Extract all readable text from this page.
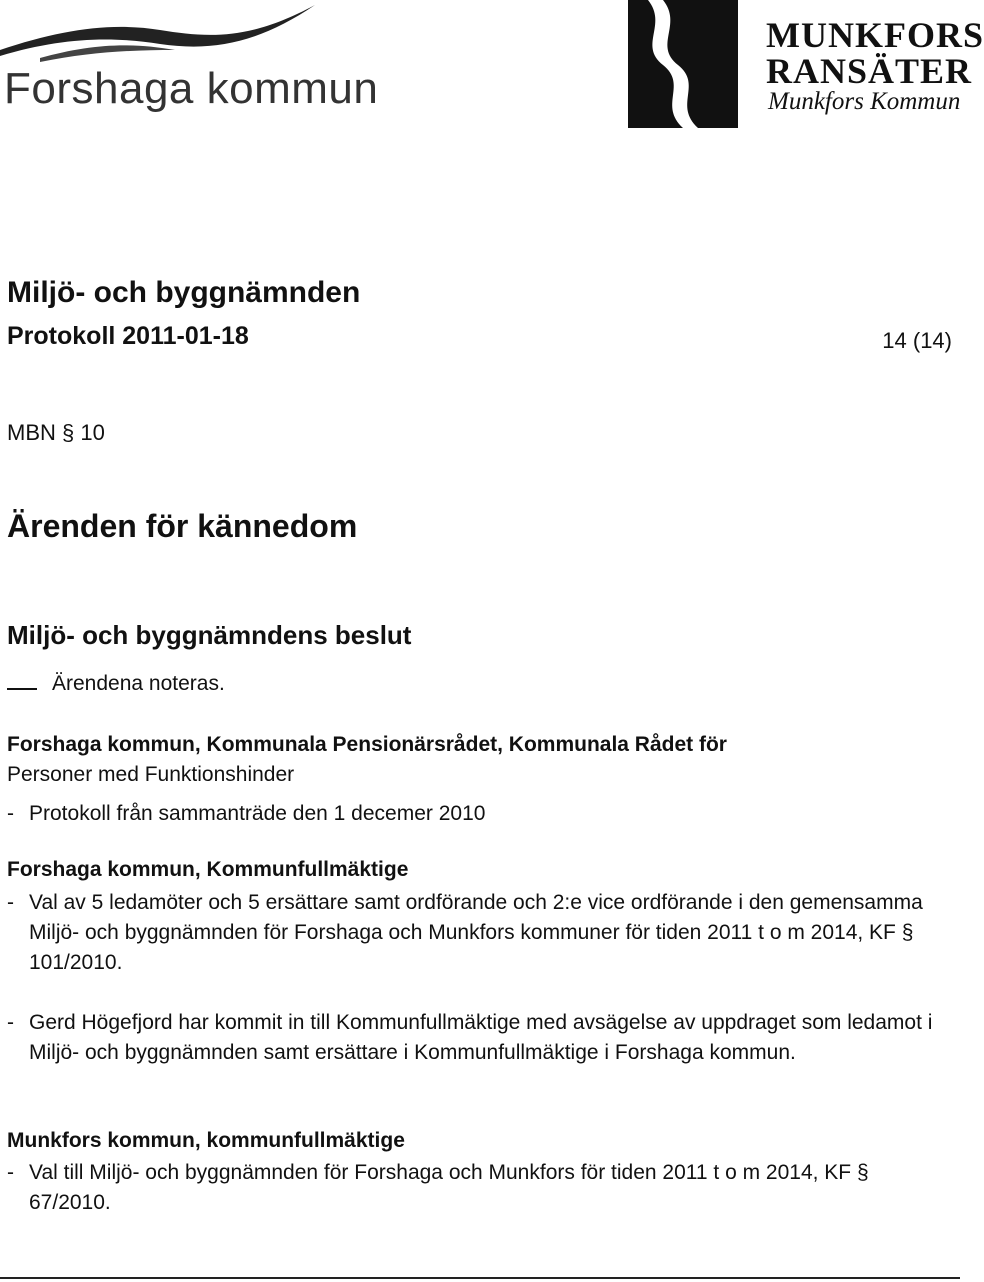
Forshaga kommun
MUNKFORS
RANSÄTER
Munkfors Kommun
Miljö- och byggnämnden
Protokoll 2011-01-18	14 (14)
MBN § 10
Ärenden för kännedom
Miljö- och byggnämndens beslut
Ärendena noteras.
Forshaga kommun, Kommunala Pensionärsrådet, Kommunala Rådet för
Personer med Funktionshinder
- Protokoll från sammanträde den 1 decemer 2010
Forshaga kommun, Kommunfullmäktige
- Val av 5 ledamöter och 5 ersättare samt ordförande och 2:e vice ordförande i den gemensamma Miljö- och byggnämnden för Forshaga och Munkfors kommuner för tiden 2011 t o m 2014, KF § 101/2010.
- Gerd Högefjord har kommit in till Kommunfullmäktige med avsägelse av uppdraget som ledamot i Miljö- och byggnämnden samt ersättare i Kommunfullmäktige i Forshaga kommun.
Munkfors kommun, kommunfullmäktige
- Val till Miljö- och byggnämnden för Forshaga och Munkfors för tiden 2011 t o m 2014, KF § 67/2010.
